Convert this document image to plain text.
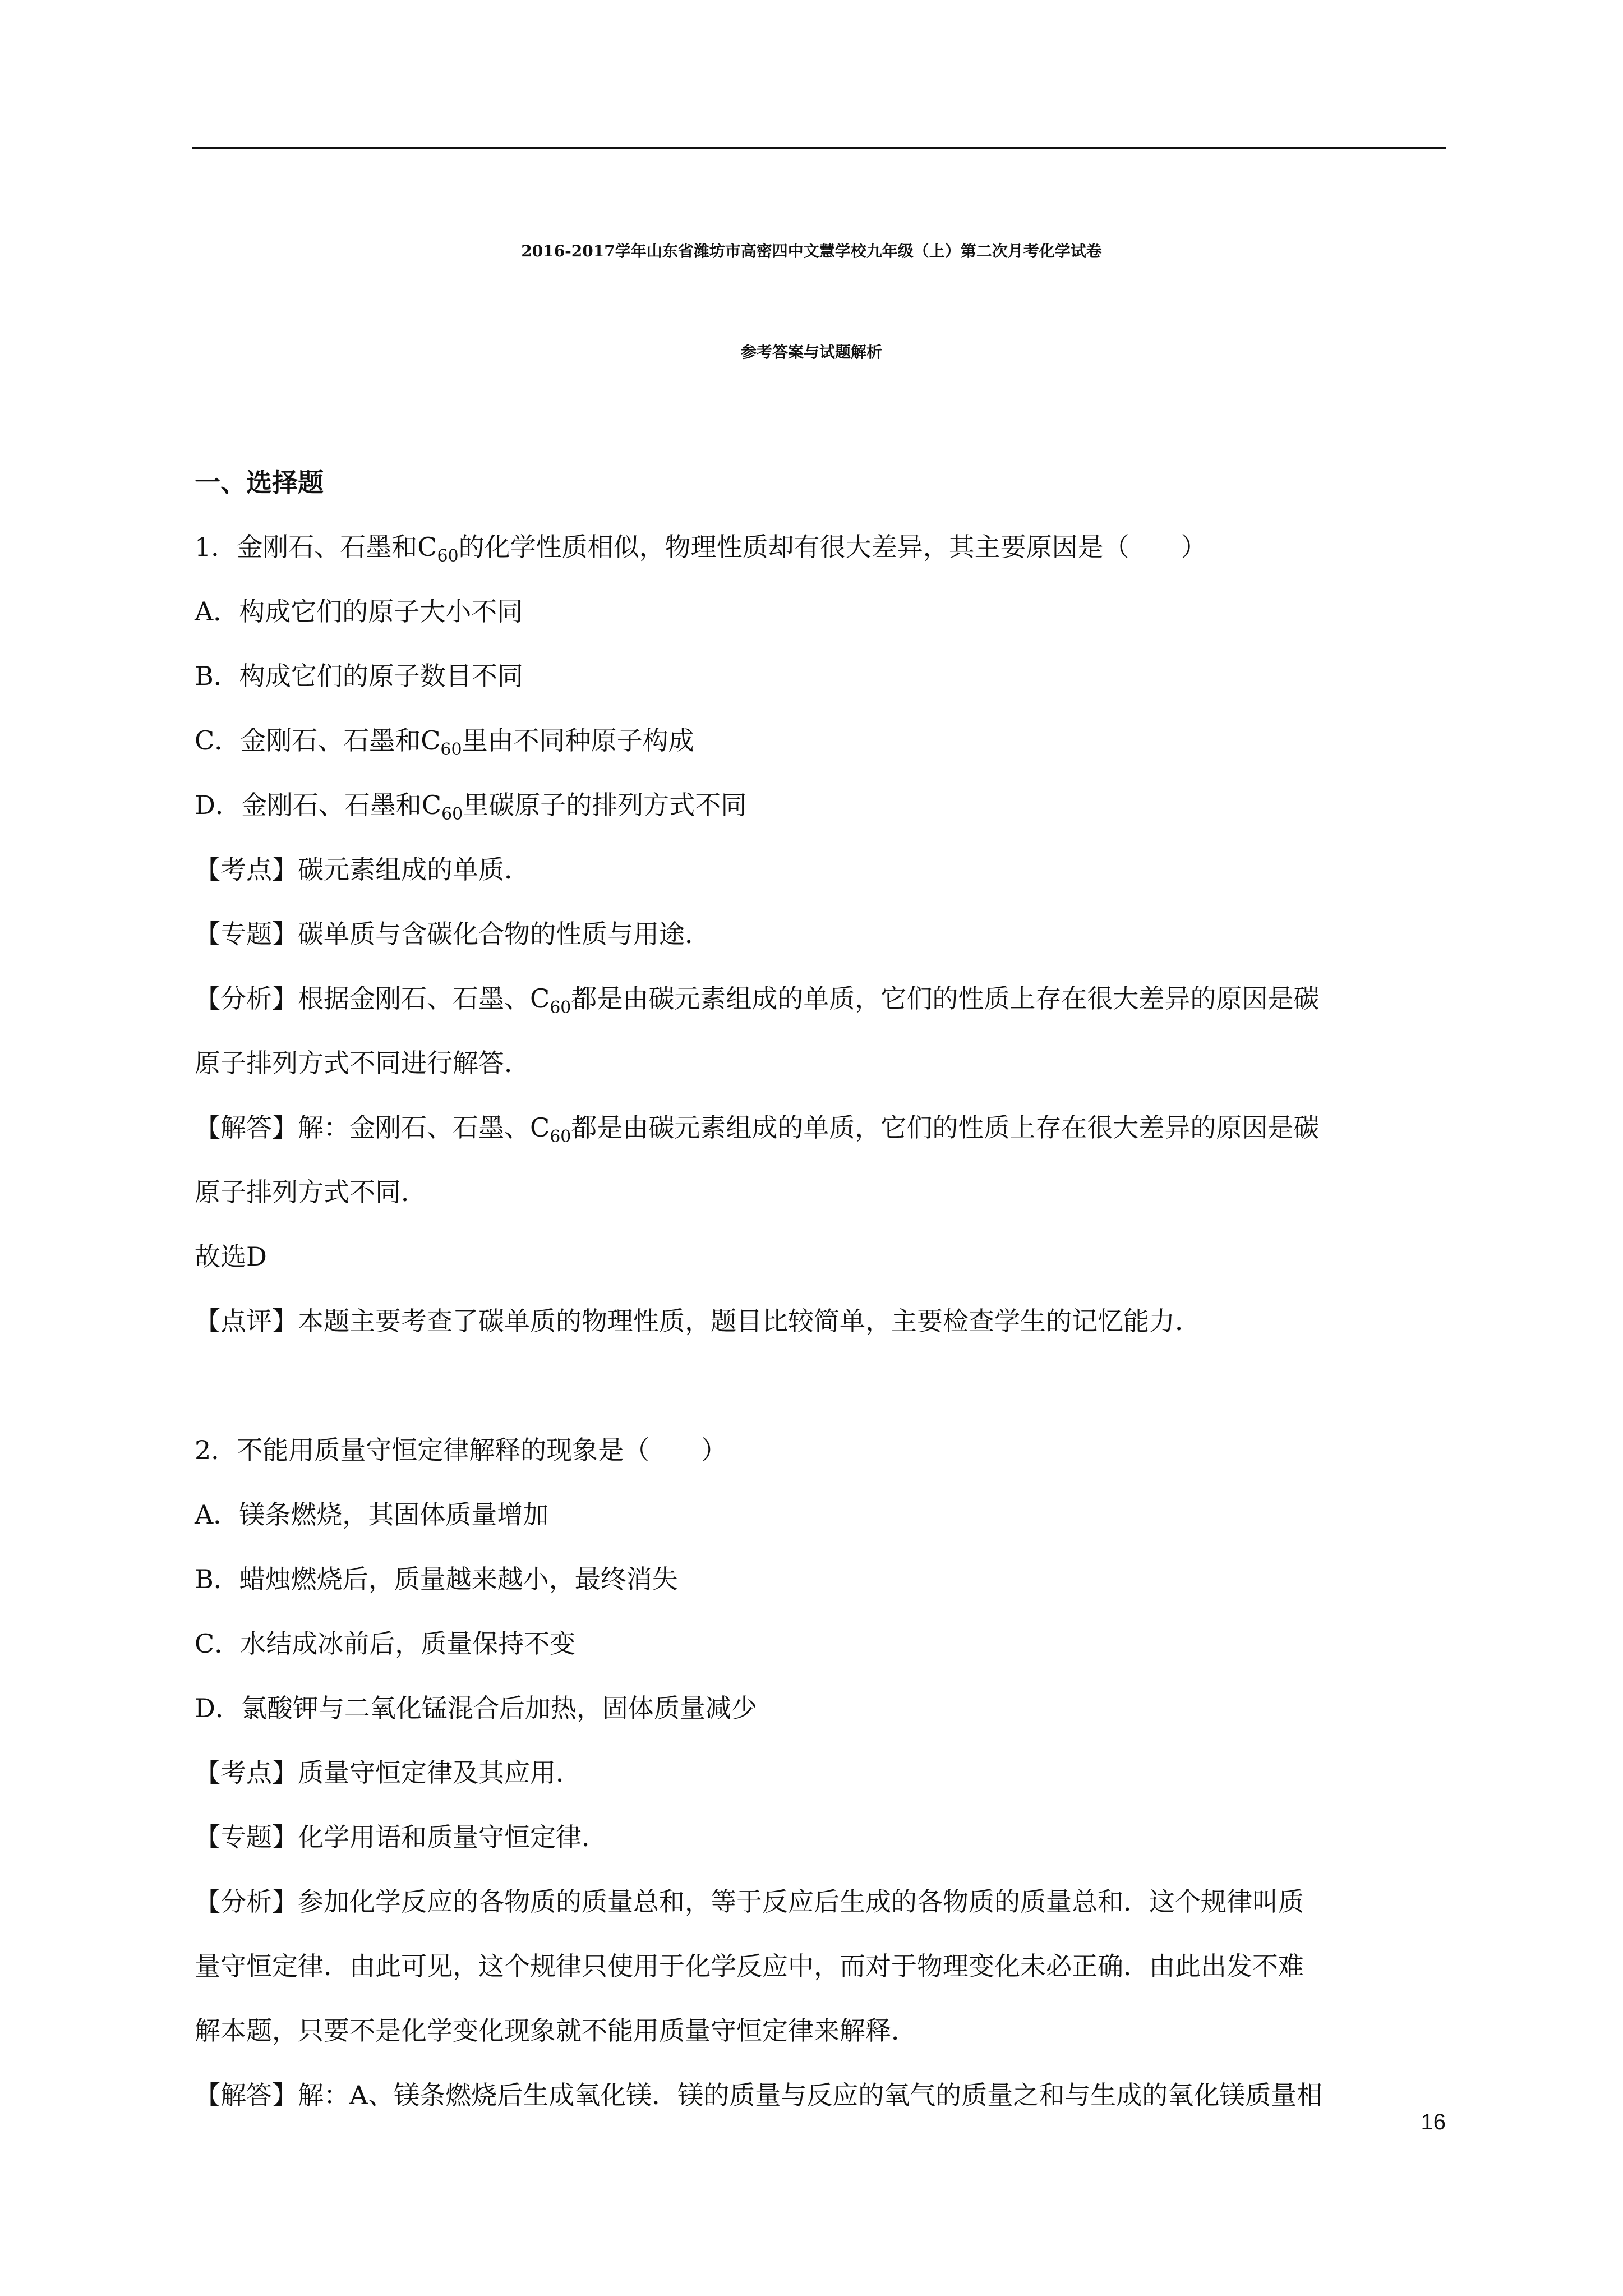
2016-2017学年山东省潍坊市高密四中文慧学校九年级（上）第二次月考化学试卷
参考答案与试题解析

一、选择题

1．金刚石、石墨和$C_{60}$的化学性质相似，物理性质却有很大差异，其主要原因是（　　）

A．构成它们的原子大小不同

B．构成它们的原子数目不同

C．金刚石、石墨和$C_{60}$里由不同种原子构成

D．金刚石、石墨和$C_{60}$里碳原子的排列方式不同

【考点】碳元素组成的单质．

【专题】碳单质与含碳化合物的性质与用途．

【分析】根据金刚石、石墨、$C_{60}$都是由碳元素组成的单质，它们的性质上存在很大差异的原因是碳

原子排列方式不同进行解答．

【解答】解：金刚石、石墨、$C_{60}$都是由碳元素组成的单质，它们的性质上存在很大差异的原因是碳

原子排列方式不同．

故选D

【点评】本题主要考查了碳单质的物理性质，题目比较简单，主要检查学生的记忆能力．

2．不能用质量守恒定律解释的现象是（　　）

A．镁条燃烧，其固体质量增加

B．蜡烛燃烧后，质量越来越小，最终消失

C．水结成冰前后，质量保持不变

D．氯酸钾与二氧化锰混合后加热，固体质量减少

【考点】质量守恒定律及其应用．

【专题】化学用语和质量守恒定律．

【分析】参加化学反应的各物质的质量总和，等于反应后生成的各物质的质量总和．这个规律叫质

量守恒定律．由此可见，这个规律只使用于化学反应中，而对于物理变化未必正确．由此出发不难

解本题，只要不是化学变化现象就不能用质量守恒定律来解释．

【解答】解：A、镁条燃烧后生成氧化镁．镁的质量与反应的氧气的质量之和与生成的氧化镁质量相

16
